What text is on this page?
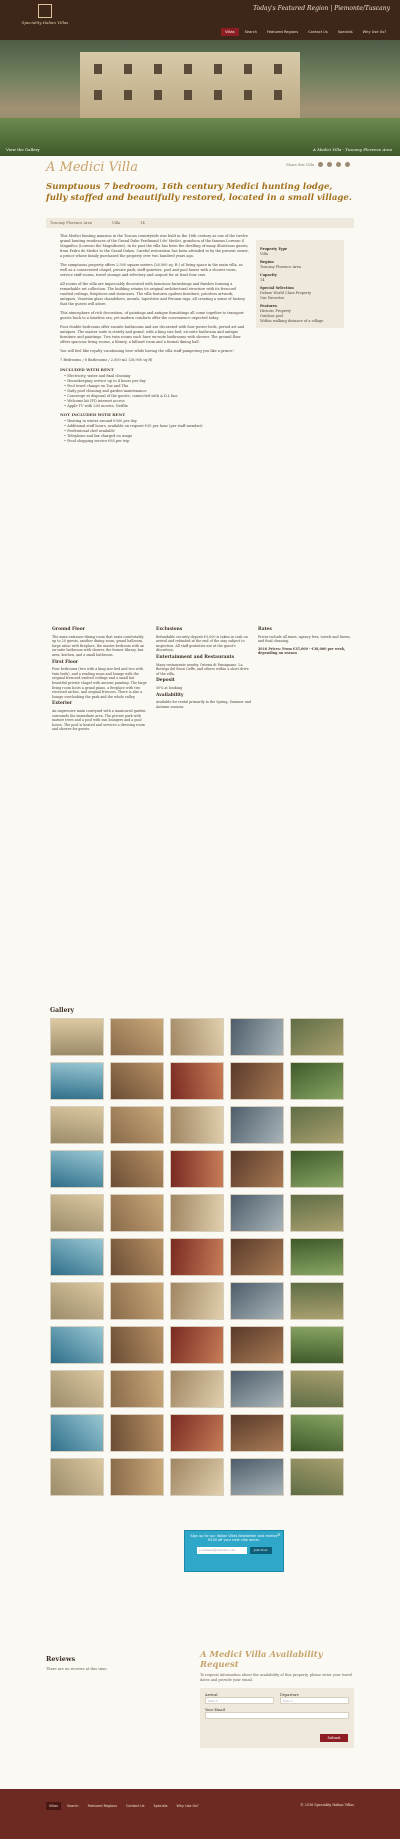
Speciality Italian Villas
Today's Featured Region | Piemonte/Tuscany
Villas	Search	Featured Regions	Contact Us	Specials	Why Use Us?
View the Gallery	A Medici Villa - Tuscany Florence Area
A Medici Villa	Share this Villa
Sumptuous 7 bedroom, 16th century Medici hunting lodge, fully staffed and beautifully restored, located in a small village.
Tuscany Florence Area	Villa	14

This Medici hunting mansion in the Tuscan countryside was built in the 16th century as one of the twelve grand hunting residences of the Grand Duke Ferdinand I de' Medici, grandson of the famous Lorenzo il Magnifico (Lorenzo the Magnificent). In its past the villa has been the dwelling of many illustrious guests, from Pedro de Medici to the Grand Dukes. Careful restoration has been attended to by the present owner, a prince whose family purchased the property over two hundred years ago.

The sumptuous property offers 2,500 square meters (26,900 sq. ft.) of living space in the main villa, as well as a consecrated chapel, private park, staff quarters, pool and pool house with a shower room, service staff rooms, travel storage and refectory and carport for at least four cars.

All rooms of the villa are impeccably decorated with luxurious furnishings and finishes forming a remarkable art collection. The building retains its original architectural structure with its frescoed vaulted ceilings, fireplaces and staircases. The villa features opulent furniture, priceless artwork, antiques, Venetian glass chandeliers, murals, tapestries and Persian rugs, all creating a sense of history that the guests will adore.

This atmosphere of rich decoration, of paintings and antique furnishings all come together to transport guests back to a timeless era, yet modern comforts offer the convenience expected today.

Four double bedrooms offer ensuite bathrooms and are decorated with four-poster beds, period art and antiques. The master suite is stately and grand, with a king size bed, en-suite bathroom and antique furniture and paintings. Two twin rooms each have en-suite bathrooms with shower. The ground floor offers spacious living rooms, a library, a billiard room and a formal dining hall.

You will feel like royalty vacationing here while having the villa staff pampering you like a prince!

7 Bedrooms / 8 Bathrooms / 2,500 m2 (26,900 sq ft)

INCLUDED WITH RENT
• Electricity, water and final cleaning
• Housekeeping service up to 4 hours per day
• Pool towel change on Tue and Thu
• Daily pool cleaning and garden maintenance
• Concierge at disposal of the guests, connected with A.D.L line
• Welcome kit (FI) internet access
• Apple TV with 200 movies, Netflix
NOT INCLUDED WITH RENT
• Heating in winter around €300 per day
• Additional staff hours, available on request €35 per hour (per staff member)
• Professional chef available
• Telephone and fax charged on usage
• Food shopping service €85 per trip
Property Type
Villa
Region
Tuscany Florence Area
Capacity
14
Special Selection
Deluxe World Class Property
Our Favorites
Features
Historic Property
Outdoor pool
Within walking distance of a village
Ground Floor

The main entrance-dining room that seats comfortably up to 20 guests, another dining room, grand ballroom, large salon with fireplace, the master-bedroom with an en-suite bathroom with shower, the former library, bar area, kitchen, and a small bathroom.

First Floor

Four bedrooms (two with a king size bed and two with twin beds), and a reading room and lounge with the original frescoed vaulted ceilings and a small but beautiful private chapel with ancient painting. The large living room hosts a grand piano, a fireplace with two recessed niches, and original frescoes. There is also a lounge overlooking the park and the whole valley.

Exterior

An impressive main courtyard with a manicured garden surrounds the immediate area. The private park with mature trees and a pool with sun loungers and a pool house. The pool is heated and services a dressing room and shower for guests.

Exclusions

Refundable security deposit €3,000 is taken in cash on arrival and refunded at the end of the stay subject to inspection. All staff gratuities are at the guest's discretion.

Entertainment and Restaurants

Many restaurants nearby. Osteria di Passignano, La Bottega del Buon Caffe, and others within a short drive of the villa.

Deposit

50% at booking

Availability

Available for rental primarily in the Spring, Summer and Autumn seasons.

Rates

Prices include all taxes, agency fees, towels and linens, and final cleaning.

2016 Prices: From €35,000 - €38,000 per week, depending on season

Gallery
×
Sign up for our Italian Villas Newsletter and receive €200 off your next villa rental.
youremail@domain.com	Join Now
Reviews

There are no reviews at this time.

A Medici Villa Availability Request
To request information about the availability of this property, please enter your travel dates and provide your email.
Arrival
Date ▾
Departure
Date ▾
Your Email
Submit
Villas	Search	Featured Regions	Contact Us	Specials	Why Use Us?	© 2016 Speciality Italian Villas
